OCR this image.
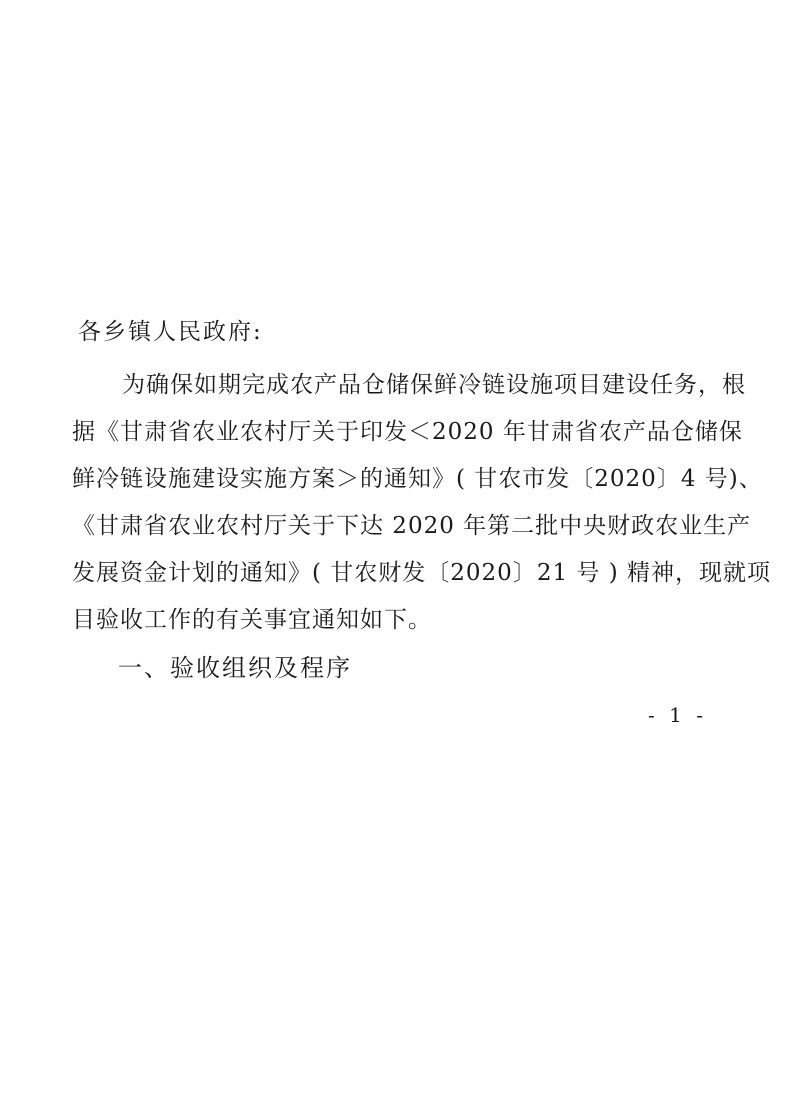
各乡镇人民政府:
为确保如期完成农产品仓储保鲜冷链设施项目建设任务，根
据《甘肃省农业农村厅关于印发＜2020 年甘肃省农产品仓储保
鲜冷链设施建设实施方案＞的通知》( 甘农市发〔2020〕4 号)、
《甘肃省农业农村厅关于下达 2020 年第二批中央财政农业生产
发展资金计划的通知》( 甘农财发〔2020〕21 号 ) 精神，现就项
目验收工作的有关事宜通知如下。
一、验收组织及程序
- 1 -
